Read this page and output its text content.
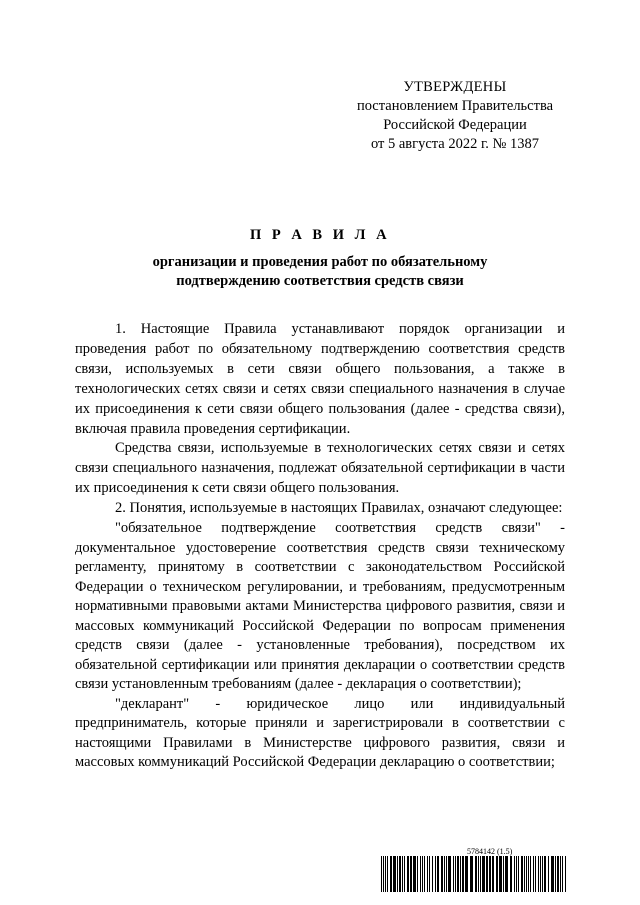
УТВЕРЖДЕНЫ
постановлением Правительства
Российской Федерации
от 5 августа 2022 г. № 1387
П Р А В И Л А
организации и проведения работ по обязательному
подтверждению соответствия средств связи

1. Настоящие Правила устанавливают порядок организации и проведения работ по обязательному подтверждению соответствия средств связи, используемых в сети связи общего пользования, а также в технологических сетях связи и сетях связи специального назначения в случае их присоединения к сети связи общего пользования (далее - средства связи), включая правила проведения сертификации.

Средства связи, используемые в технологических сетях связи и сетях связи специального назначения, подлежат обязательной сертификации в части их присоединения к сети связи общего пользования.

2. Понятия, используемые в настоящих Правилах, означают следующее:

"обязательное подтверждение соответствия средств связи" - документальное удостоверение соответствия средств связи техническому регламенту, принятому в соответствии с законодательством Российской Федерации о техническом регулировании, и требованиям, предусмотренным нормативными правовыми актами Министерства цифрового развития, связи и массовых коммуникаций Российской Федерации по вопросам применения средств связи (далее - установленные требования), посредством их обязательной сертификации или принятия декларации о соответствии средств связи установленным требованиям (далее - декларация о соответствии);

"декларант" - юридическое лицо или индивидуальный предприниматель, которые приняли и зарегистрировали в соответствии с настоящими Правилами в Министерстве цифрового развития, связи и массовых коммуникаций Российской Федерации декларацию о соответствии;

5784142 (1.5)
